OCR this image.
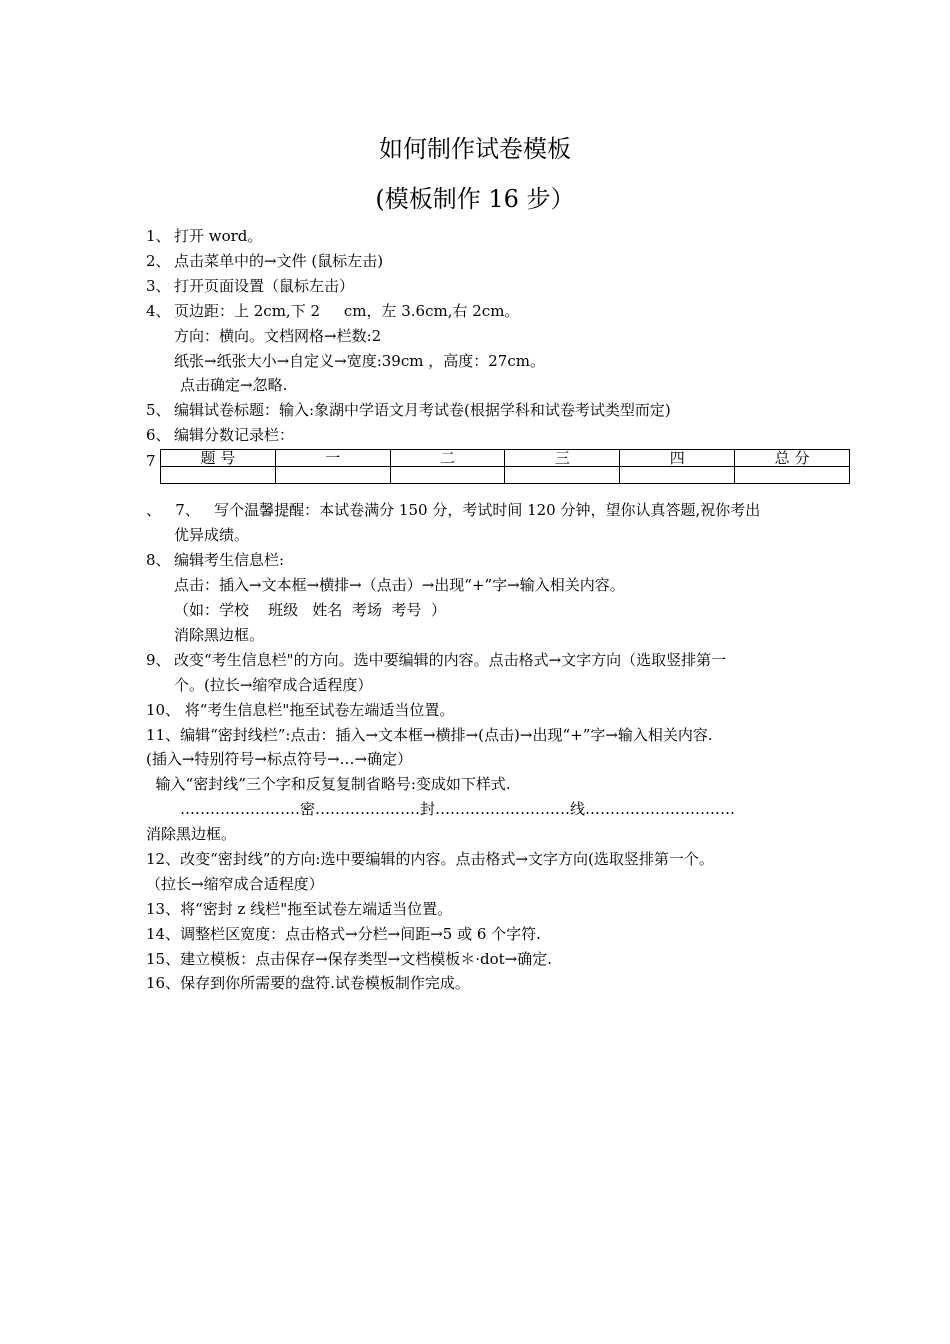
如何制作试卷模板
(模板制作 16 步）
1、 打开 word。
2、 点击菜单中的→文件 (鼠标左击)
3、 打开页面设置（鼠标左击）
4、 页边距：上 2cm,下 2     cm，左 3.6cm,右 2cm。
方向：横向。文档网格→栏数:2
纸张→纸张大小→自定义→宽度:39cm ，高度：27cm。
点击确定→忽略.
5、 编辑试卷标题：输入:象湖中学语文月考试卷(根据学科和试卷考试类型而定)
6、 编辑分数记录栏：
7	题 号	一	二	三	四	总 分

、   7、   写个温馨提醒：本试卷满分 150 分，考试时间 120 分钟，望你认真答题,祝你考出
优异成绩。
8、 编辑考生信息栏:
点击：插入→文本框→横排→（点击）→出现“+”字→输入相关内容。
（如：学校    班级   姓名  考场  考号  ）
消除黑边框。
9、 改变“考生信息栏"的方向。选中要编辑的内容。点击格式→文字方向（选取竖排第一
个。(拉长→缩窄成合适程度）
10、 将“考生信息栏"拖至试卷左端适当位置。
11、编辑“密封线栏”:点击：插入→文本框→横排→(点击)→出现“+”字→输入相关内容.
(插入→特别符号→标点符号→…→确定）
输入“密封线”三个字和反复复制省略号:变成如下样式.
……………………密…………………封………………………线…………………………
消除黑边框。
12、改变“密封线”的方向:选中要编辑的内容。点击格式→文字方向(选取竖排第一个。
（拉长→缩窄成合适程度）
13、将“密封 z 线栏"拖至试卷左端适当位置。
14、调整栏区宽度：点击格式→分栏→间距→5 或 6 个字符.
15、建立模板：点击保存→保存类型→文档模板＊·dot→确定.
16、保存到你所需要的盘符.试卷模板制作完成。
